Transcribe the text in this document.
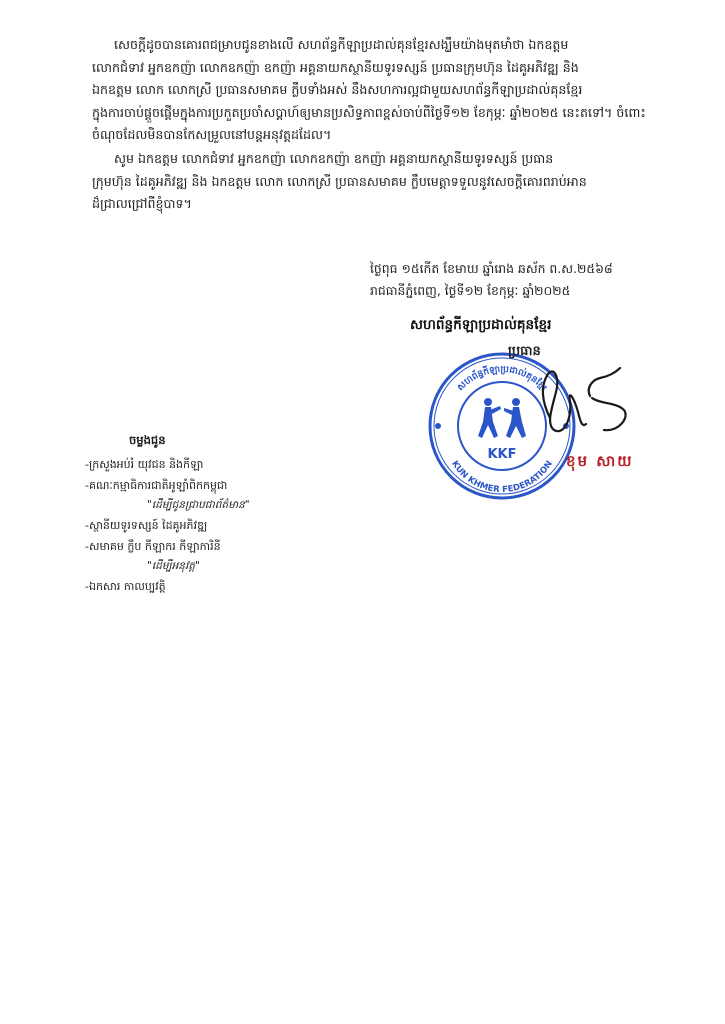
សេចក្តីដូចបានគោរពជម្រាបជូនខាងលើ សហព័ន្ធកីឡាប្រដាល់គុនខ្មែរសង្ឃឹមយ៉ាងមុតមាំថា ឯកឧត្តម
លោកជំទាវ អ្នកឧកញ៉ា លោកឧកញ៉ា ឧកញ៉ា អគ្គនាយកស្ថានីយទូរទស្សន៍ ប្រធានក្រុមហ៊ុន ដៃគូអភិវឌ្ឍ និង
ឯកឧត្តម លោក លោកស្រី ប្រធានសមាគម ក្លឹបទាំងអស់ នឹងសហការល្អជាមួយសហព័ន្ធកីឡាប្រដាល់គុនខ្មែរ
ក្នុងការចាប់ផ្តួចផ្តើមក្នុងការប្រកួតប្រចាំសប្តាហ៍ឲ្យមានប្រសិទ្ធភាពខ្ពស់ចាប់ពីថ្ងៃទី១២ ខែកុម្ភៈ ឆ្នាំ២០២៥ នេះតទៅ។ ចំពោះ
ចំណុចដែលមិនបានកែសម្រួលនៅបន្តអនុវត្តដដែល។

សូម ឯកឧត្តម លោកជំទាវ អ្នកឧកញ៉ា លោកឧកញ៉ា ឧកញ៉ា អគ្គនាយកស្ថានីយទូរទស្សន៍ ប្រធាន
ក្រុមហ៊ុន ដៃគូអភិវឌ្ឍ និង ឯកឧត្តម លោក លោកស្រី ប្រធានសមាគម ក្លឹបមេត្តាទទួលនូវសេចក្តីគោរពរាប់អាន
ដ៏ជ្រាលជ្រៅពីខ្ញុំបាទ។

ថ្ងៃពុធ ១៥កើត ខែមាឃ ឆ្នាំរោង ឆស័ក ព.ស.២៥៦៨
រាជធានីភ្នំពេញ, ថ្ងៃទី១២ ខែកុម្ភៈ ឆ្នាំ២០២៥
សហព័ន្ធកីឡាប្រដាល់គុនខ្មែរ
សហព័ន្ធកីឡាប្រដាល់គុនខ្មែរ
KUN KHMER FEDERATION
KKF
ប្រធាន
ខុម សាយ
ចម្លងជូន
-ក្រសួងអប់រំ យុវជន និងកីឡា
-គណៈកម្មាធិការជាតិអូឡាំពិកកម្ពុជា
"ដើម្បីជូនជ្រាបជាព័ត៌មាន"
-ស្ថានីយទូរទស្សន៍ ដៃគូអភិវឌ្ឍ
-សមាគម ក្លឹប កីឡាករ កីឡាការិនី
"ដើម្បីអនុវត្ត"
-ឯកសារ កាលប្បវត្តិ
